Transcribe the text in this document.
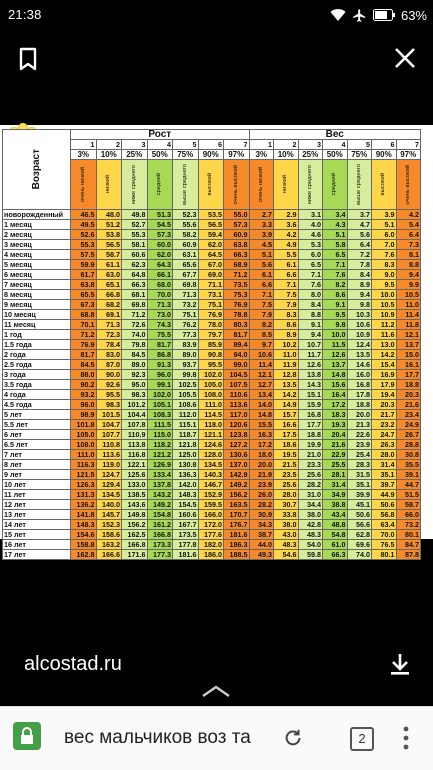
21:38	63%
Возраст	Рост							Вес						
	1	2	3	4	5	6	7	1	2	3	4	5	6	7
	3%	10%	25%	50%	75%	90%	97%	3%	10%	25%	50%	75%	90%	97%

	очень низкий	низкий	ниже среднего	средний	выше среднего	высокий	очень высокий	очень низкий	низкий	ниже среднего	средний	выше среднего	высокий	очень высокий

новорожденный	46.5	48.0	49.8	51.3	52.3	53.5	55.0	2.7	2.9	3.1	3.4	3.7	3.9	4.2
1 месяц	49.5	51.2	52.7	54.5	55.6	56.5	57.3	3.3	3.6	4.0	4.3	4.7	5.1	5.4
2 месяц	52.6	53.8	55.3	57.3	58.2	59.4	60.9	3.9	4.2	4.6	5.1	5.6	6.0	6.4
3 месяц	55.3	56.5	58.1	60.0	60.9	62.0	63.8	4.5	4.9	5.3	5.8	6.4	7.0	7.3
4 месяц	57.5	58.7	60.6	62.0	63.1	64.5	66.3	5.1	5.5	6.0	6.5	7.2	7.6	8.1
5 месяц	59.9	61.1	62.3	64.3	65.6	67.0	68.9	5.6	6.1	6.5	7.1	7.8	8.3	8.8
6 месяц	61.7	63.0	64.8	66.1	67.7	69.0	71.2	6.1	6.6	7.1	7.6	8.4	9.0	9.4
7 месяц	63.8	65.1	66.3	68.0	69.8	71.1	73.5	6.6	7.1	7.6	8.2	8.9	9.5	9.9
8 месяц	65.5	66.8	68.1	70.0	71.3	73.1	75.3	7.1	7.5	8.0	8.6	9.4	10.0	10.5
9 месяц	67.3	68.2	69.8	71.3	73.2	75.1	76.9	7.5	7.9	8.4	9.1	9.8	10.5	11.0
10 месяц	68.8	69.1	71.2	73.0	75.1	76.9	78.8	7.9	8.3	8.8	9.5	10.3	10.9	11.4
11 месяц	70.1	71.3	72.6	74.3	76.2	78.0	80.3	8.2	8.6	9.1	9.8	10.6	11.2	11.8
1 год	71.2	72.3	74.0	75.5	77.3	79.7	81.7	8.5	8.9	9.4	10.0	10.9	11.6	12.1
1.5 года	76.9	78.4	79.8	81.7	83.9	85.9	89.4	9.7	10.2	10.7	11.5	12.4	13.0	13.7
2 года	81.7	83.0	84.5	86.8	89.0	90.8	94.0	10.6	11.0	11.7	12.6	13.5	14.2	15.0
2.5 года	84.5	87.0	89.0	91.3	93.7	95.5	99.0	11.4	11.9	12.6	13.7	14.6	15.4	16.1
3 года	88.0	90.0	92.3	96.0	99.8	102.0	104.5	12.1	12.8	13.8	14.8	16.0	16.9	17.7
3.5 года	90.2	92.6	95.0	99.1	102.5	105.0	107.5	12.7	13.5	14.3	15.6	16.8	17.9	18.8
4 года	93.2	95.5	98.3	102.0	105.5	108.0	110.6	13.4	14.2	15.1	16.4	17.8	19.4	20.3
4.5 года	96.0	98.3	101.2	105.1	108.6	111.0	113.6	14.0	14.9	15.9	17.2	18.8	20.3	21.6
5 лет	98.9	101.5	104.4	108.3	112.0	114.5	117.0	14.8	15.7	16.8	18.3	20.0	21.7	23.4
5.5 лет	101.8	104.7	107.8	111.5	115.1	118.0	120.6	15.5	16.6	17.7	19.3	21.3	23.2	24.9
6 лет	105.0	107.7	110.9	115.0	118.7	121.1	123.8	16.3	17.5	18.8	20.4	22.6	24.7	26.7
6.5 лет	108.0	110.8	113.8	118.2	121.8	124.6	127.2	17.2	18.6	19.9	21.6	23.9	26.3	28.8
7 лет	111.0	113.6	116.8	121.2	125.0	128.0	130.6	18.0	19.5	21.0	22.9	25.4	28.0	30.8
8 лет	116.3	119.0	122.1	126.9	130.8	134.5	137.0	20.0	21.5	23.3	25.5	28.3	31.4	35.5
9 лет	121.5	124.7	125.6	133.4	136.3	140.3	142.9	21.9	23.5	25.6	28.1	31.5	35.1	39.1
10 лет	126.3	129.4	133.0	137.8	142.0	146.7	149.2	23.9	25.6	28.2	31.4	35.1	39.7	44.7
11 лет	131.3	134.5	138.5	143.2	148.3	152.9	156.2	26.0	28.0	31.0	34.9	39.9	44.9	51.5
12 лет	136.2	140.0	143.6	149.2	154.5	159.5	163.5	28.2	30.7	34.4	38.8	45.1	50.6	58.7
13 лет	141.8	145.7	149.8	154.8	160.6	166.0	170.7	30.9	33.8	38.0	43.4	50.6	56.8	66.0
14 лет	148.3	152.3	156.2	161.2	167.7	172.0	176.7	34.3	38.0	42.8	48.8	56.6	63.4	73.2
15 лет	154.6	158.6	162.5	166.8	173.5	177.6	181.6	38.7	43.0	48.3	54.8	62.8	70.0	80.1
16 лет	158.8	163.2	166.8	173.3	177.8	182.0	186.3	44.0	48.3	54.0	61.0	69.6	76.5	84.7
17 лет	162.8	166.6	171.6	177.3	181.6	186.0	188.5	49.3	54.6	59.8	66.3	74.0	80.1	87.8
alcostad.ru
вес мальчиков воз та	2
